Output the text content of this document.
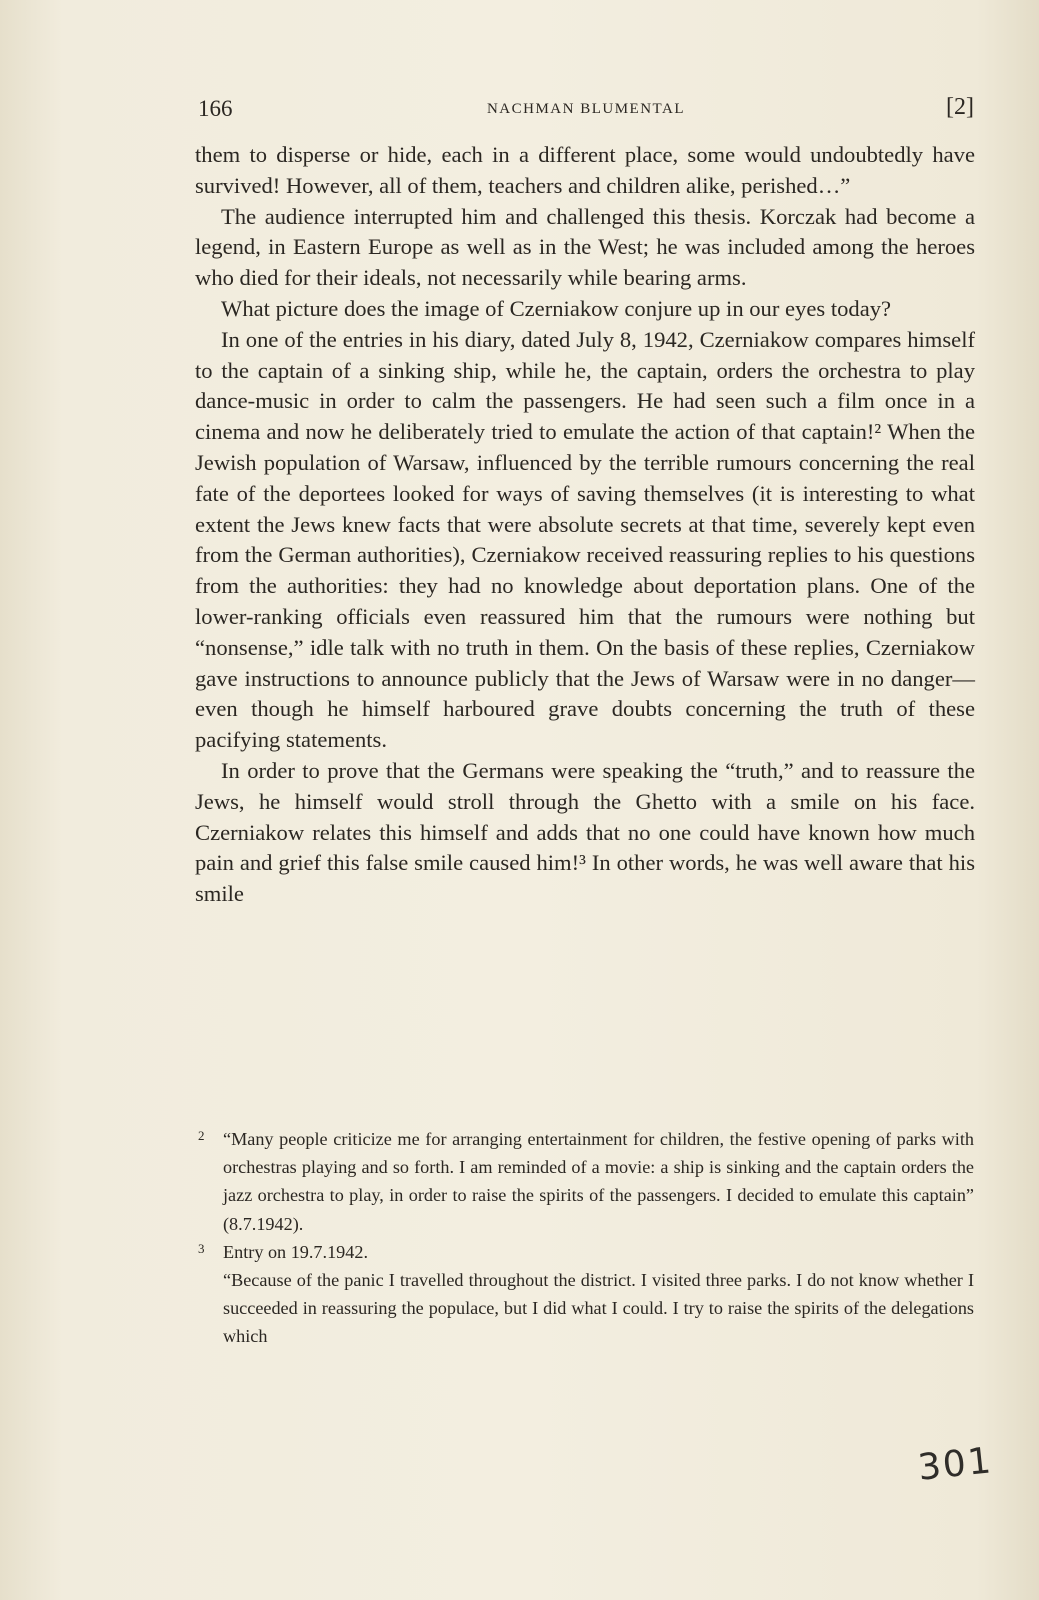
166	NACHMAN BLUMENTAL	[2]

them to disperse or hide, each in a different place, some would undoubtedly have survived! However, all of them, teachers and children alike, perished…”

The audience interrupted him and challenged this thesis. Korczak had become a legend, in Eastern Europe as well as in the West; he was included among the heroes who died for their ideals, not necessarily while bearing arms.

What picture does the image of Czerniakow conjure up in our eyes today?

In one of the entries in his diary, dated July 8, 1942, Czerniakow compares himself to the captain of a sinking ship, while he, the captain, orders the orchestra to play dance-music in order to calm the passengers. He had seen such a film once in a cinema and now he deliberately tried to emulate the action of that captain!² When the Jewish population of Warsaw, influenced by the terrible rumours concerning the real fate of the deportees looked for ways of saving themselves (it is interesting to what extent the Jews knew facts that were absolute secrets at that time, severely kept even from the German authorities), Czerniakow received reassuring replies to his questions from the authorities: they had no knowledge about deportation plans. One of the lower-ranking officials even reassured him that the rumours were nothing but “nonsense,” idle talk with no truth in them. On the basis of these replies, Czerniakow gave instructions to announce publicly that the Jews of Warsaw were in no danger—even though he himself harboured grave doubts concerning the truth of these pacifying statements.

In order to prove that the Germans were speaking the “truth,” and to reassure the Jews, he himself would stroll through the Ghetto with a smile on his face. Czerniakow relates this himself and adds that no one could have known how much pain and grief this false smile caused him!³ In other words, he was well aware that his smile

2 “Many people criticize me for arranging entertainment for children, the festive opening of parks with orchestras playing and so forth. I am reminded of a movie: a ship is sinking and the captain orders the jazz orchestra to play, in order to raise the spirits of the passengers. I decided to emulate this captain” (8.7.1942).
3 Entry on 19.7.1942.

“Because of the panic I travelled throughout the district. I visited three parks. I do not know whether I succeeded in reassuring the populace, but I did what I could. I try to raise the spirits of the delegations which

301
